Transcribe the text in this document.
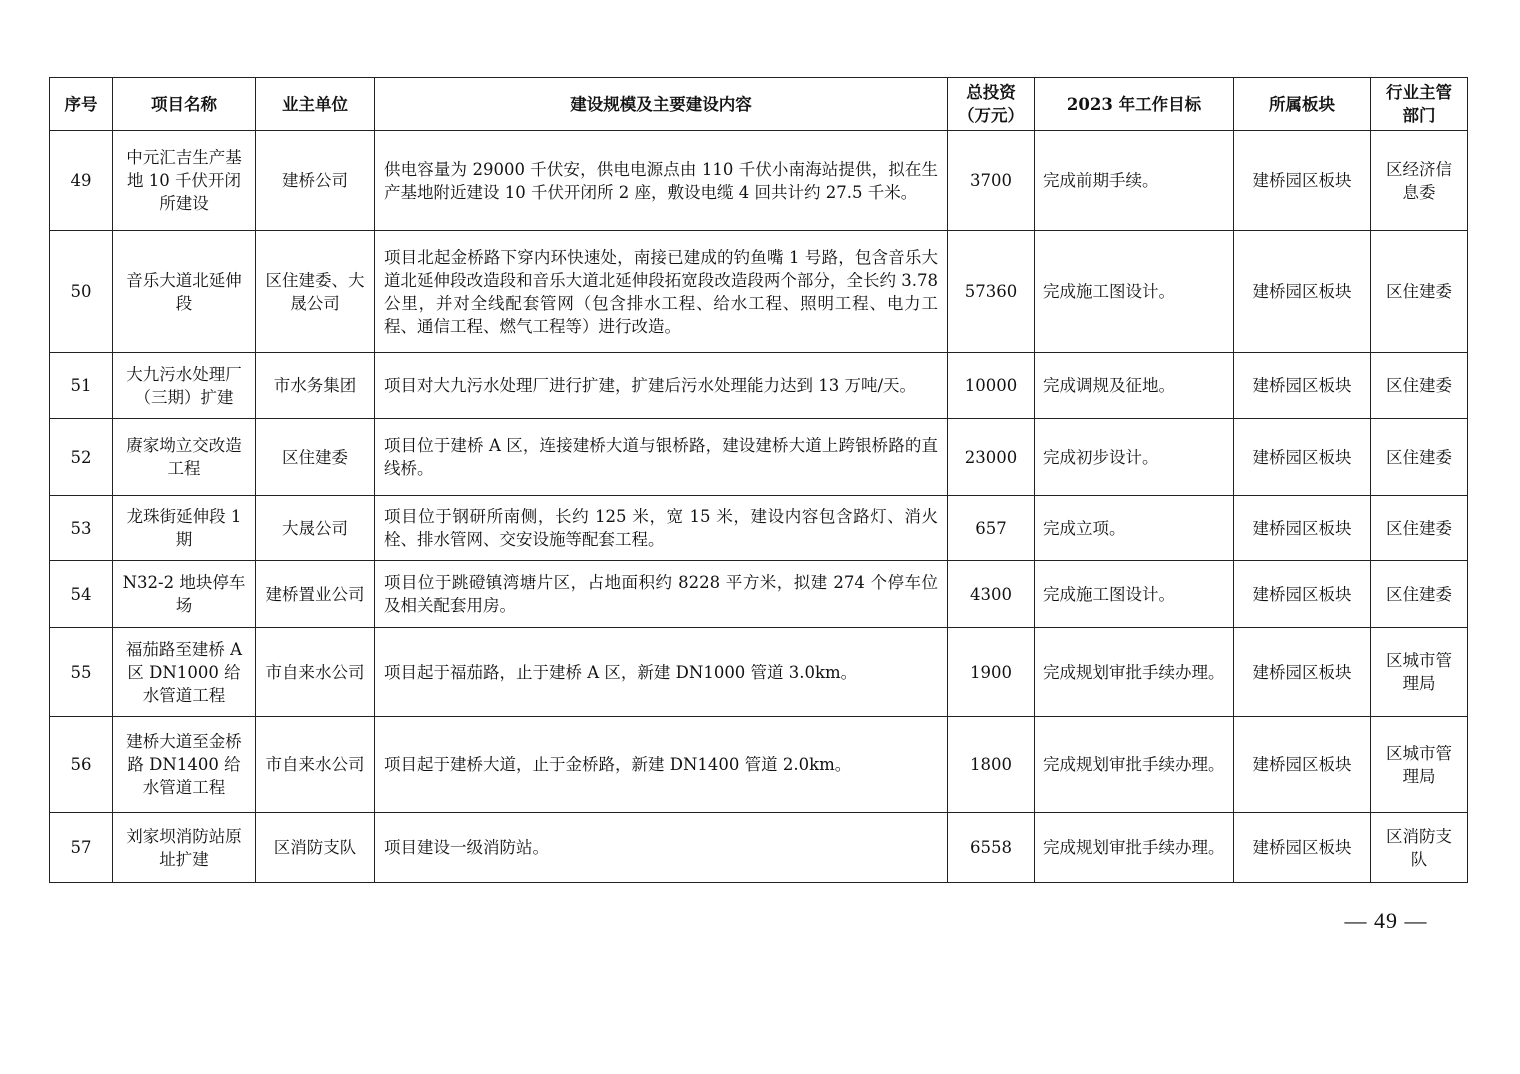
序号	项目名称	业主单位	建设规模及主要建设内容	总投资（万元）	2023 年工作目标	所属板块	行业主管部门
49	中元汇吉生产基地 10 千伏开闭所建设	建桥公司	供电容量为 29000 千伏安，供电电源点由 110 千伏小南海站提供，拟在生产基地附近建设 10 千伏开闭所 2 座，敷设电缆 4 回共计约 27.5 千米。	3700	完成前期手续。	建桥园区板块	区经济信息委
50	音乐大道北延伸段	区住建委、大晟公司	项目北起金桥路下穿内环快速处，南接已建成的钓鱼嘴 1 号路，包含音乐大道北延伸段改造段和音乐大道北延伸段拓宽段改造段两个部分，全长约 3.78 公里，并对全线配套管网（包含排水工程、给水工程、照明工程、电力工程、通信工程、燃气工程等）进行改造。	57360	完成施工图设计。	建桥园区板块	区住建委
51	大九污水处理厂（三期）扩建	市水务集团	项目对大九污水处理厂进行扩建，扩建后污水处理能力达到 13 万吨/天。	10000	完成调规及征地。	建桥园区板块	区住建委
52	赓家坳立交改造工程	区住建委	项目位于建桥 A 区，连接建桥大道与银桥路，建设建桥大道上跨银桥路的直线桥。	23000	完成初步设计。	建桥园区板块	区住建委
53	龙珠街延伸段 1 期	大晟公司	项目位于钢研所南侧，长约 125 米，宽 15 米，建设内容包含路灯、消火栓、排水管网、交安设施等配套工程。	657	完成立项。	建桥园区板块	区住建委
54	N32-2 地块停车场	建桥置业公司	项目位于跳磴镇湾塘片区，占地面积约 8228 平方米，拟建 274 个停车位及相关配套用房。	4300	完成施工图设计。	建桥园区板块	区住建委
55	福茄路至建桥 A 区 DN1000 给水管道工程	市自来水公司	项目起于福茄路，止于建桥 A 区，新建 DN1000 管道 3.0km。	1900	完成规划审批手续办理。	建桥园区板块	区城市管理局
56	建桥大道至金桥路 DN1400 给水管道工程	市自来水公司	项目起于建桥大道，止于金桥路，新建 DN1400 管道 2.0km。	1800	完成规划审批手续办理。	建桥园区板块	区城市管理局
57	刘家坝消防站原址扩建	区消防支队	项目建设一级消防站。	6558	完成规划审批手续办理。	建桥园区板块	区消防支队
— 49 —
